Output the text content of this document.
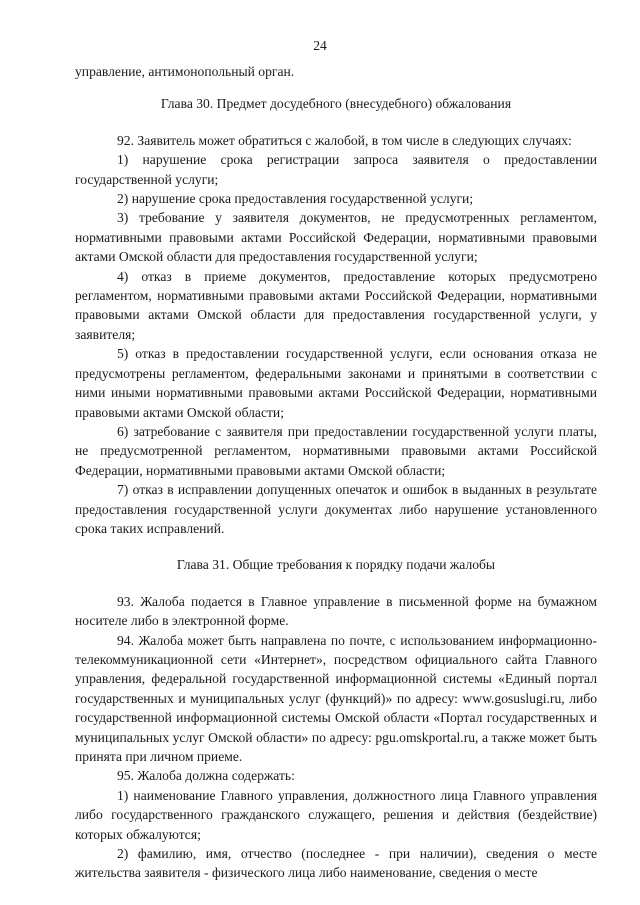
24

управление, антимонопольный орган.

Глава 30. Предмет досудебного (внесудебного) обжалования

92. Заявитель может обратиться с жалобой, в том числе в следующих случаях:

1) нарушение срока регистрации запроса заявителя о предоставлении государственной услуги;

2) нарушение срока предоставления государственной услуги;

3) требование у заявителя документов, не предусмотренных регламентом, нормативными правовыми актами Российской Федерации, нормативными правовыми актами Омской области для предоставления государственной услуги;

4) отказ в приеме документов, предоставление которых предусмотрено регламентом, нормативными правовыми актами Российской Федерации, нормативными правовыми актами Омской области для предоставления государственной услуги, у заявителя;

5) отказ в предоставлении государственной услуги, если основания отказа не предусмотрены регламентом, федеральными законами и принятыми в соответствии с ними иными нормативными правовыми актами Российской Федерации, нормативными правовыми актами Омской области;

6) затребование с заявителя при предоставлении государственной услуги платы, не предусмотренной регламентом, нормативными правовыми актами Российской Федерации, нормативными правовыми актами Омской области;

7) отказ в исправлении допущенных опечаток и ошибок в выданных в результате предоставления государственной услуги документах либо нарушение установленного срока таких исправлений.

Глава 31. Общие требования к порядку подачи жалобы

93. Жалоба подается в Главное управление в письменной форме на бумажном носителе либо в электронной форме.

94. Жалоба может быть направлена по почте, с использованием информационно-телекоммуникационной сети «Интернет», посредством официального сайта Главного управления, федеральной государственной информационной системы «Единый портал государственных и муниципальных услуг (функций)» по адресу: www.gosuslugi.ru, либо государственной информационной системы Омской области «Портал государственных и муниципальных услуг Омской области» по адресу: pgu.omskportal.ru, а также может быть принята при личном приеме.

95. Жалоба должна содержать:

1) наименование Главного управления, должностного лица Главного управления либо государственного гражданского служащего, решения и действия (бездействие) которых обжалуются;

2) фамилию, имя, отчество (последнее - при наличии), сведения о месте жительства заявителя - физического лица либо наименование, сведения о месте
